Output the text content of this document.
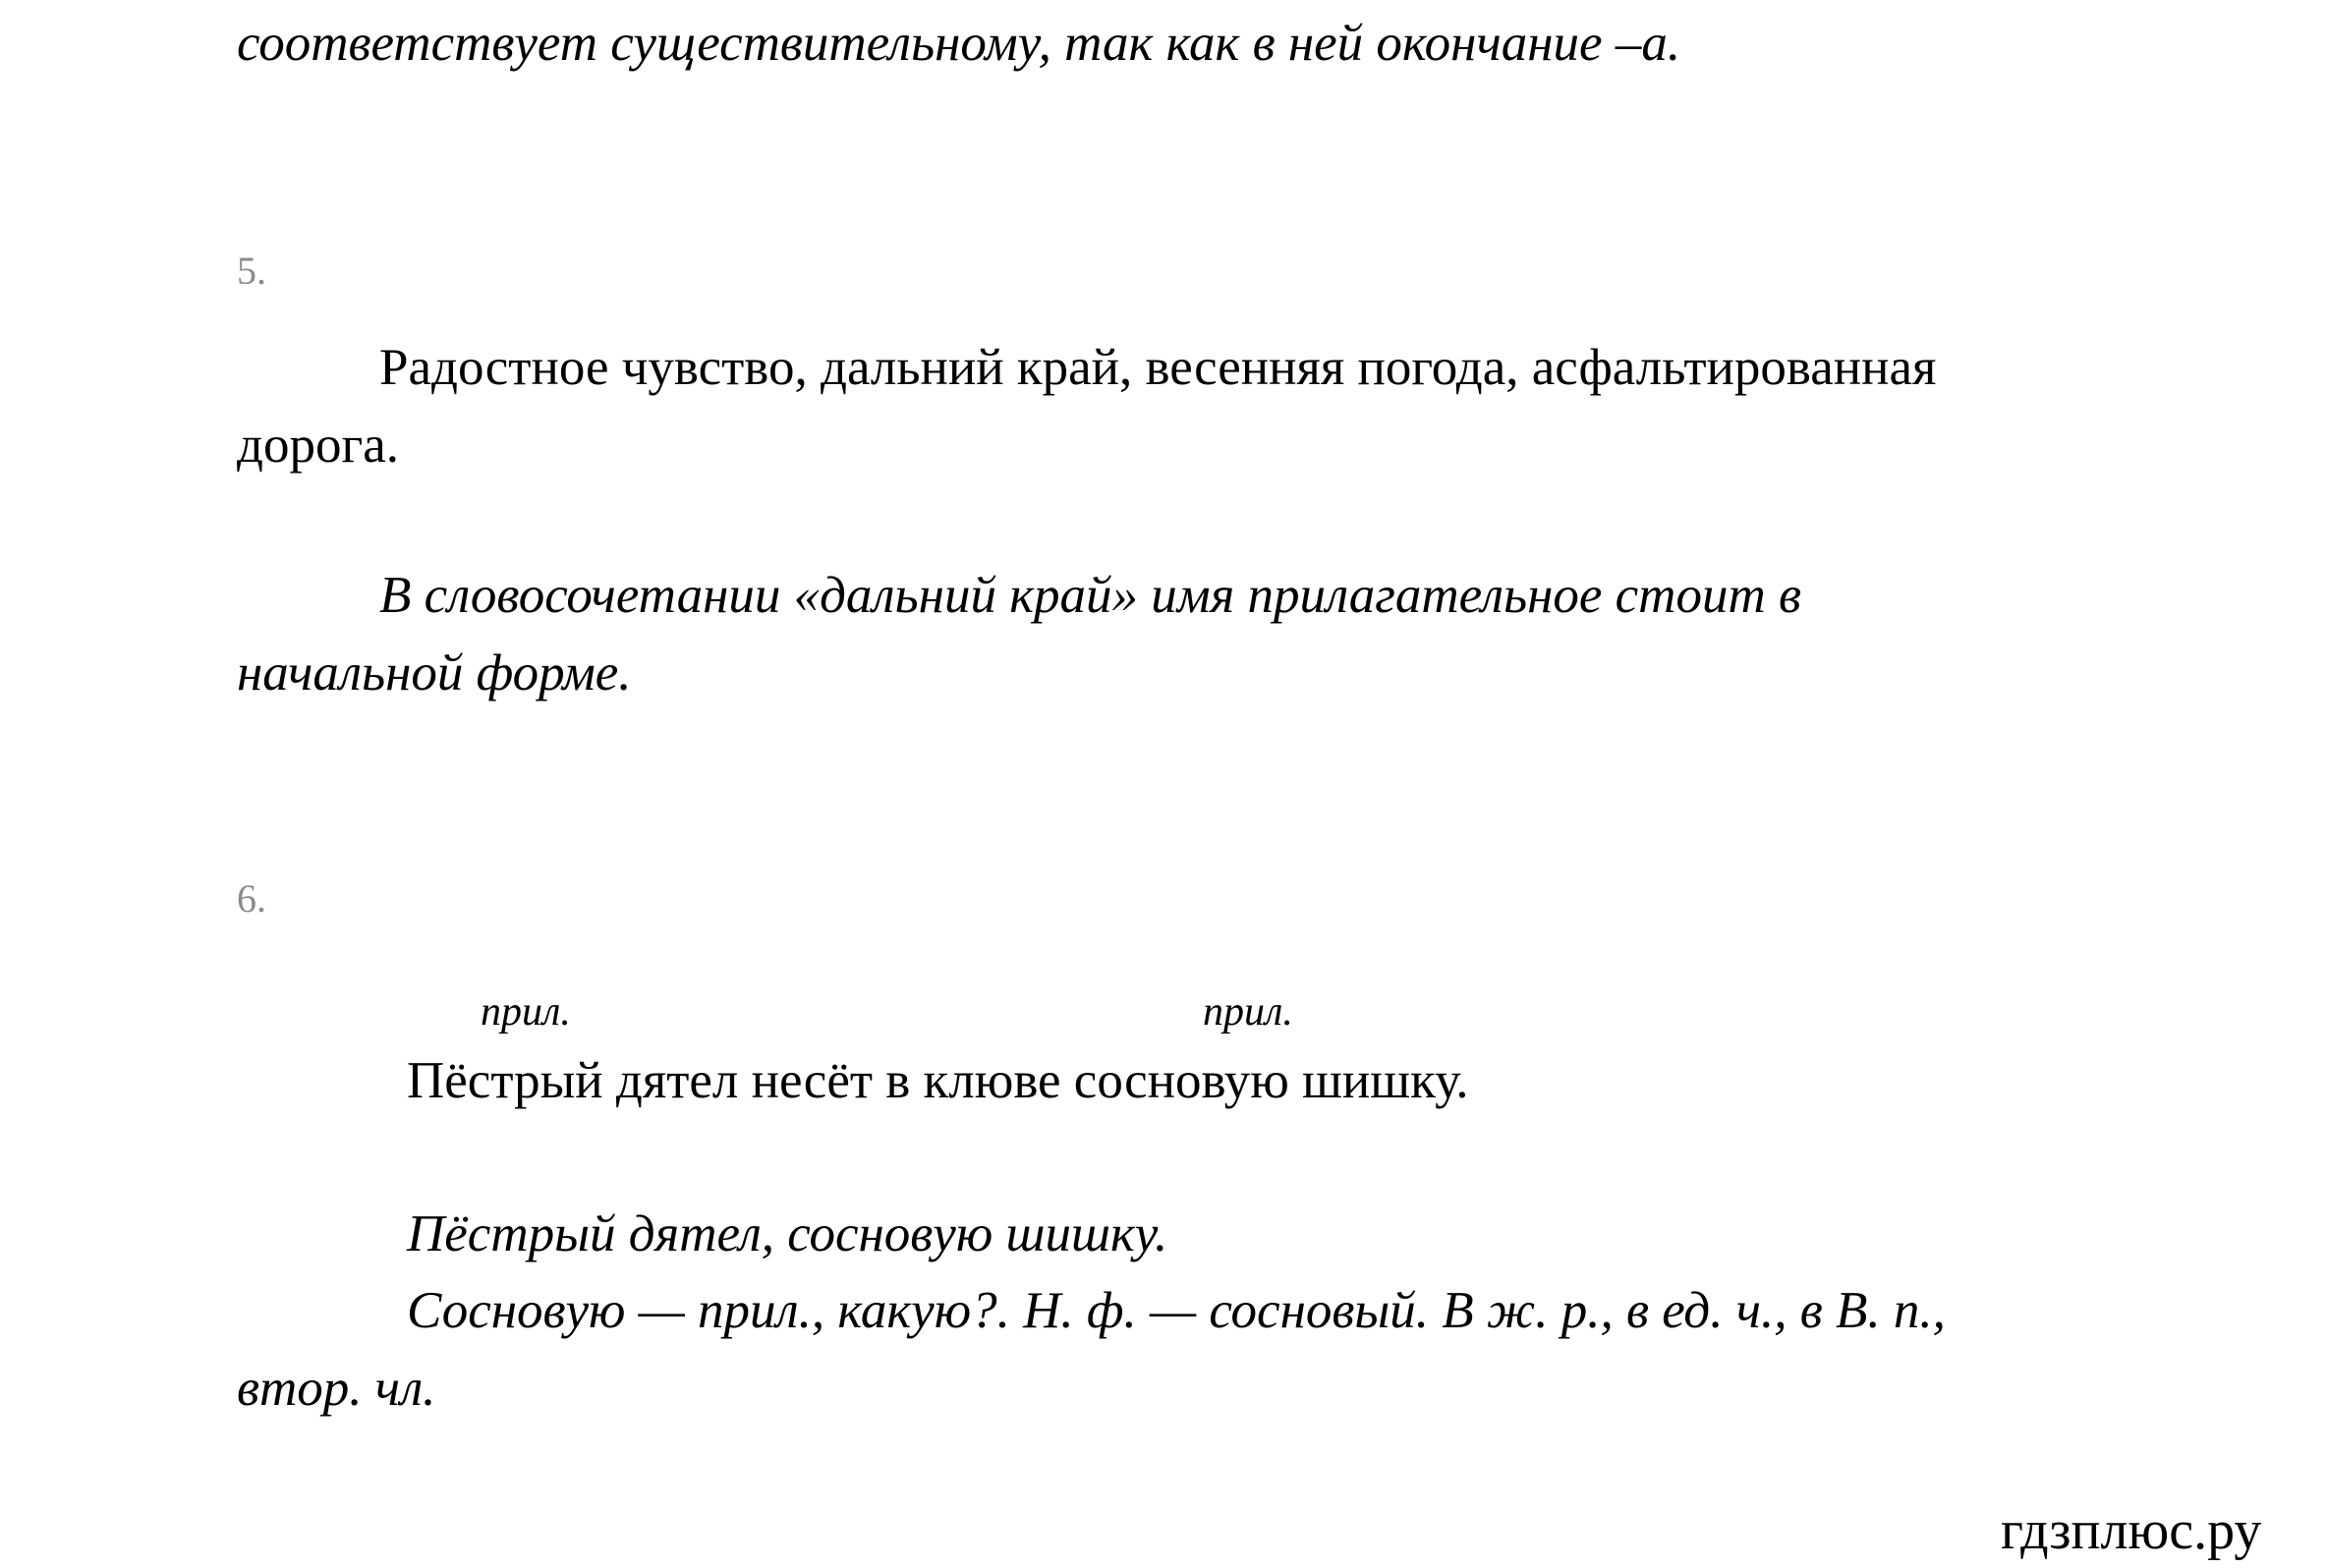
соответствует существительному, так как в ней окончание –а.
5.
Радостное чувство, дальний край, весенняя погода, асфальтированная
дорога.
В словосочетании «дальний край» имя прилагательное стоит в
начальной форме.
6.
прил.	прил.
Пёстрый дятел несёт в клюве сосновую шишку.
Пёстрый дятел, сосновую шишку.
Сосновую — прил., какую?. Н. ф. — сосновый. В ж. р., в ед. ч., в В. п.,
втор. чл.
гдзплюс.ру
